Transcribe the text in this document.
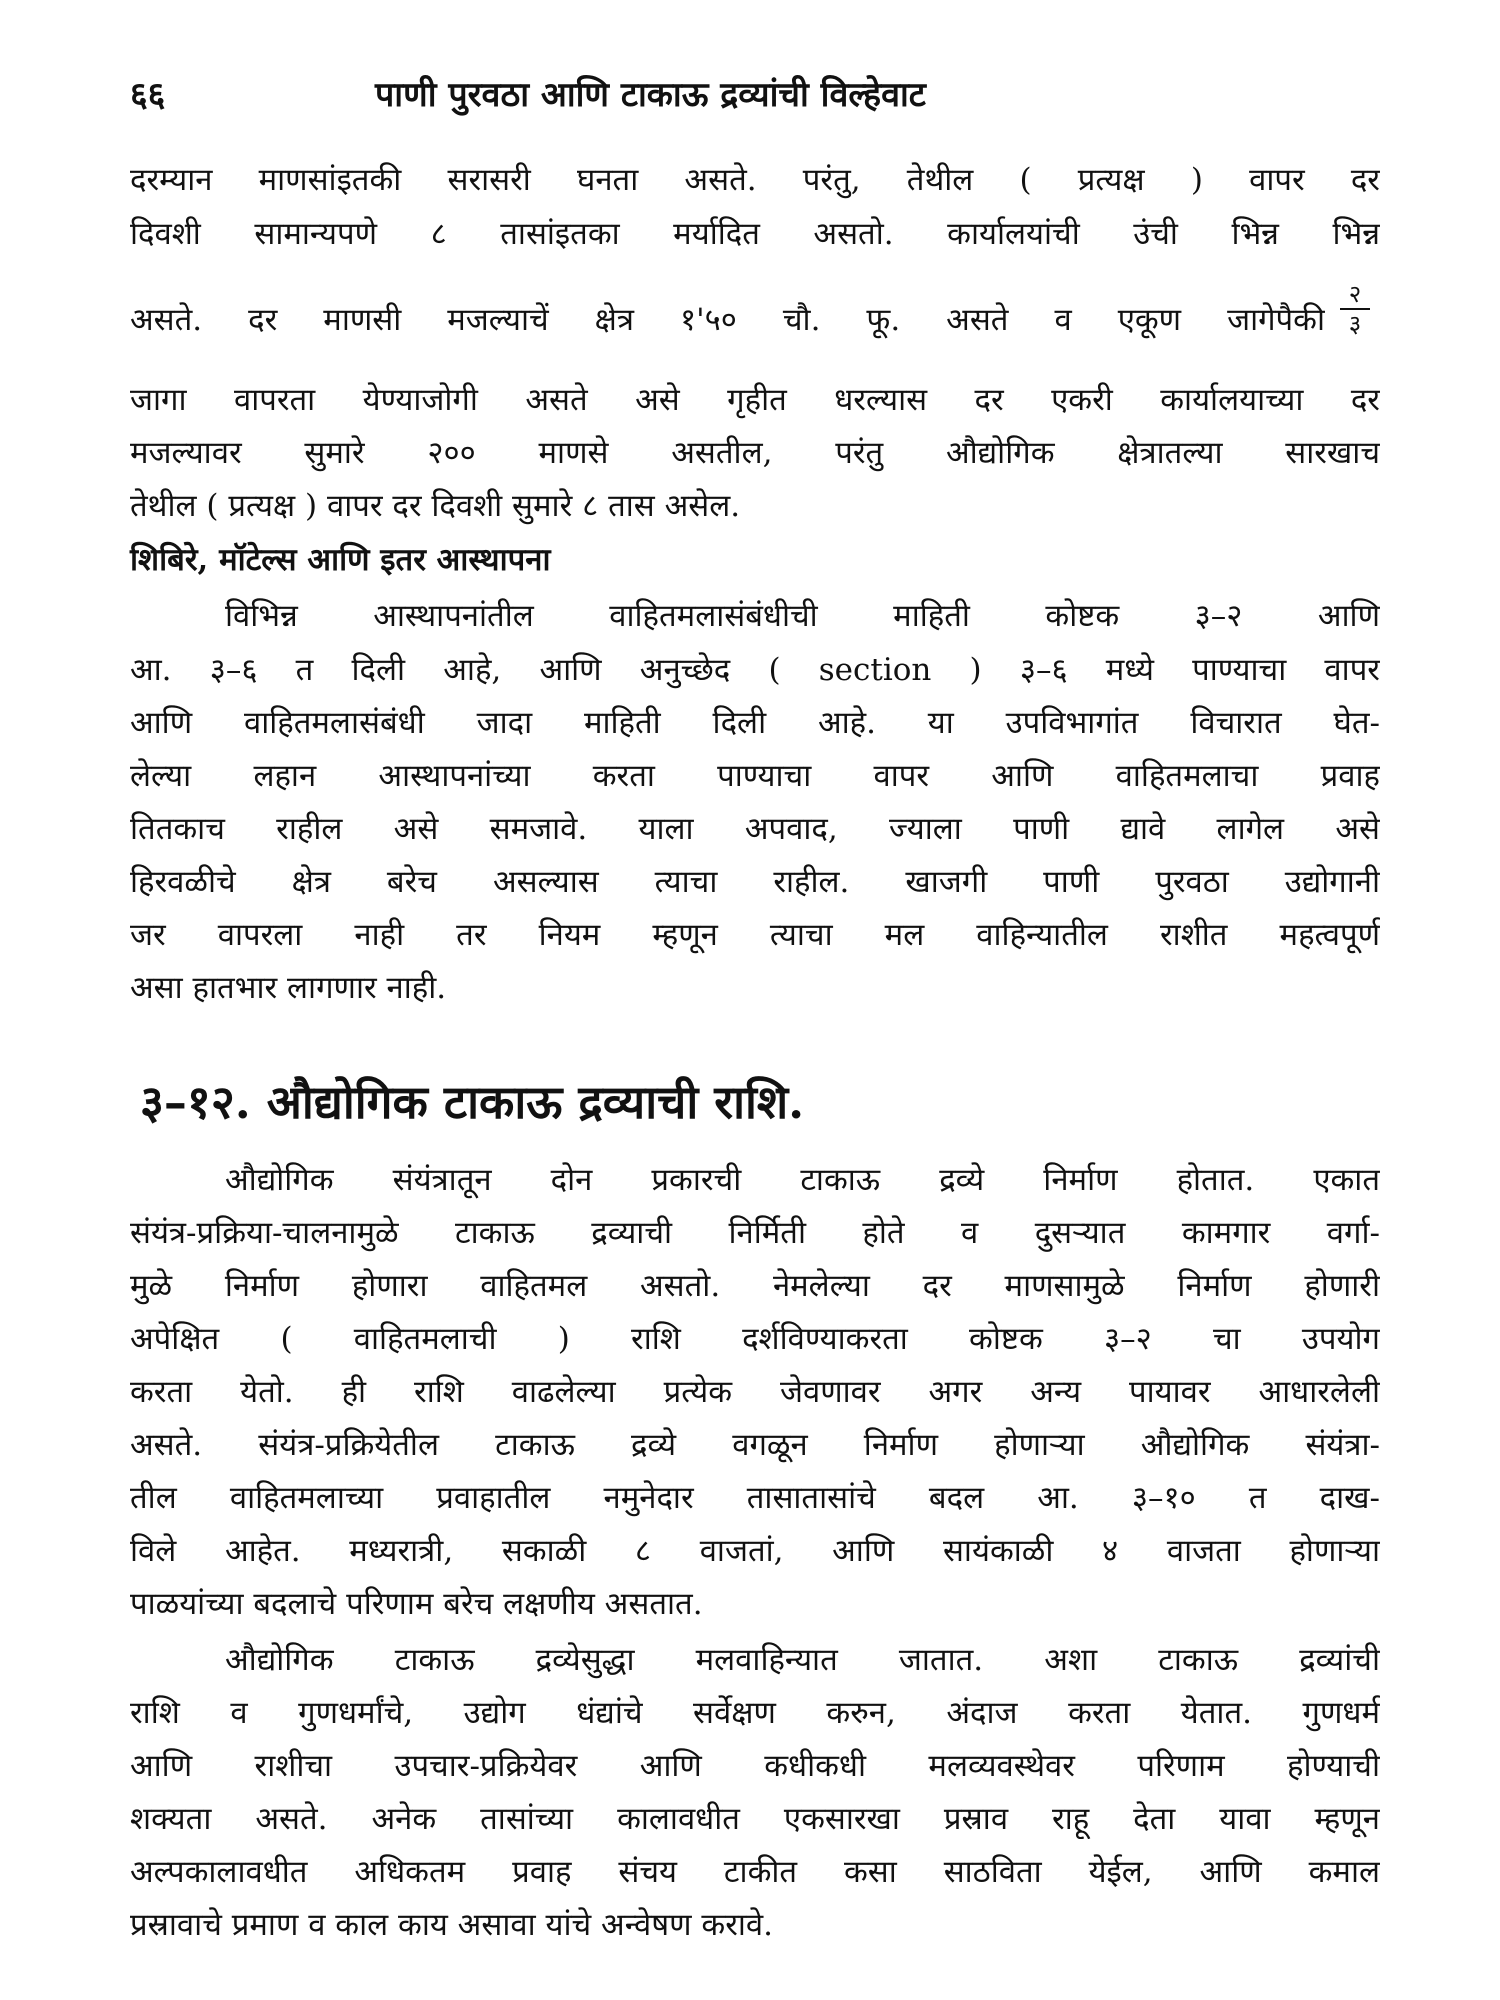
६६	पाणी पुरवठा आणि टाकाऊ द्रव्यांची विल्हेवाट
दरम्यान माणसांइतकी सरासरी घनता असते. परंतु, तेथील ( प्रत्यक्ष ) वापर दर
दिवशी सामान्यपणे ८ तासांइतका मर्यादित असतो. कार्यालयांची उंची भिन्न भिन्न
असते. दर माणसी मजल्याचें क्षेत्र १'५० चौ. फू. असते व एकूण जागेपैकी
२
३
जागा वापरता येण्याजोगी असते असे गृहीत धरल्यास दर एकरी कार्यालयाच्या दर
मजल्यावर सुमारे २०० माणसे असतील, परंतु औद्योगिक क्षेत्रातल्या सारखाच
तेथील ( प्रत्यक्ष ) वापर दर दिवशी सुमारे ८ तास असेल.
शिबिरे, मॉटेल्स आणि इतर आस्थापना
विभिन्न आस्थापनांतील वाहितमलासंबंधीची माहिती कोष्टक ३–२ आणि
आ. ३–६ त दिली आहे, आणि अनुच्छेद ( section ) ३–६ मध्ये पाण्याचा वापर
आणि वाहितमलासंबंधी जादा माहिती दिली आहे. या उपविभागांत विचारात घेत-
लेल्या लहान आस्थापनांच्या करता पाण्याचा वापर आणि वाहितमलाचा प्रवाह
तितकाच राहील असे समजावे. याला अपवाद, ज्याला पाणी द्यावे लागेल असे
हिरवळीचे क्षेत्र बरेच असल्यास त्याचा राहील. खाजगी पाणी पुरवठा उद्योगानी
जर वापरला नाही तर नियम म्हणून त्याचा मल वाहिन्यातील राशीत महत्वपूर्ण
असा हातभार लागणार नाही.
३–१२. औद्योगिक टाकाऊ द्रव्याची राशि.
औद्योगिक संयंत्रातून दोन प्रकारची टाकाऊ द्रव्ये निर्माण होतात. एकात
संयंत्र-प्रक्रिया-चालनामुळे टाकाऊ द्रव्याची निर्मिती होते व दुसऱ्यात कामगार वर्गा-
मुळे निर्माण होणारा वाहितमल असतो. नेमलेल्या दर माणसामुळे निर्माण होणारी
अपेक्षित ( वाहितमलाची ) राशि दर्शविण्याकरता कोष्टक ३–२ चा उपयोग
करता येतो. ही राशि वाढलेल्या प्रत्येक जेवणावर अगर अन्य पायावर आधारलेली
असते. संयंत्र-प्रक्रियेतील टाकाऊ द्रव्ये वगळून निर्माण होणाऱ्या औद्योगिक संयंत्रा-
तील वाहितमलाच्या प्रवाहातील नमुनेदार तासातासांचे बदल आ. ३–१० त दाख-
विले आहेत. मध्यरात्री, सकाळी ८ वाजतां, आणि सायंकाळी ४ वाजता होणाऱ्या
पाळयांच्या बदलाचे परिणाम बरेच लक्षणीय असतात.
औद्योगिक टाकाऊ द्रव्येसुद्धा मलवाहिन्यात जातात. अशा टाकाऊ द्रव्यांची
राशि व गुणधर्मांचे, उद्योग धंद्यांचे सर्वेक्षण करुन, अंदाज करता येतात. गुणधर्म
आणि राशीचा उपचार-प्रक्रियेवर आणि कधीकधी मलव्यवस्थेवर परिणाम होण्याची
शक्यता असते. अनेक तासांच्या कालावधीत एकसारखा प्रस्राव राहू देता यावा म्हणून
अल्पकालावधीत अधिकतम प्रवाह संचय टाकीत कसा साठविता येईल, आणि कमाल
प्रस्रावाचे प्रमाण व काल काय असावा यांचे अन्वेषण करावे.
